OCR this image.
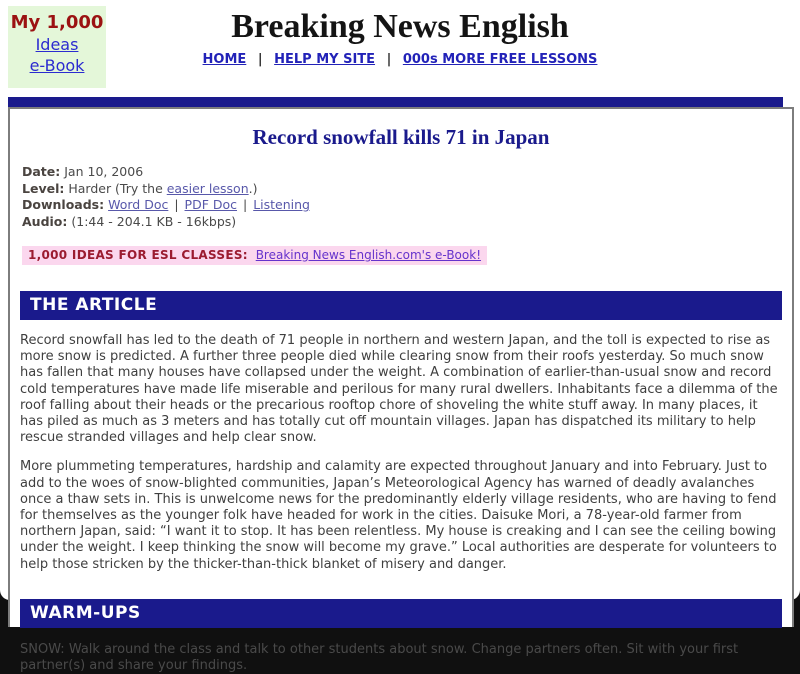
My 1,000
Ideas
e-Book
Breaking News English
HOME | HELP MY SITE | 000s MORE FREE LESSONS
Record snowfall kills 71 in Japan
Date: Jan 10, 2006
Level: Harder (Try the easier lesson.)
Downloads: Word Doc | PDF Doc | Listening
Audio: (1:44 - 204.1 KB - 16kbps)
1,000 IDEAS FOR ESL CLASSES: Breaking News English.com's e-Book!
THE ARTICLE

Record snowfall has led to the death of 71 people in northern and western Japan, and the toll is expected to rise as more snow is predicted. A further three people died while clearing snow from their roofs yesterday. So much snow has fallen that many houses have collapsed under the weight. A combination of earlier-than-usual snow and record cold temperatures have made life miserable and perilous for many rural dwellers. Inhabitants face a dilemma of the roof falling about their heads or the precarious rooftop chore of shoveling the white stuff away. In many places, it has piled as much as 3 meters and has totally cut off mountain villages. Japan has dispatched its military to help rescue stranded villages and help clear snow.

More plummeting temperatures, hardship and calamity are expected throughout January and into February. Just to add to the woes of snow-blighted communities, Japan’s Meteorological Agency has warned of deadly avalanches once a thaw sets in. This is unwelcome news for the predominantly elderly village residents, who are having to fend for themselves as the younger folk have headed for work in the cities. Daisuke Mori, a 78-year-old farmer from northern Japan, said: “I want it to stop. It has been relentless. My house is creaking and I can see the ceiling bowing under the weight. I keep thinking the snow will become my grave.” Local authorities are desperate for volunteers to help those stricken by the thicker-than-thick blanket of misery and danger.

WARM-UPS

SNOW: Walk around the class and talk to other students about snow. Change partners often. Sit with your first partner(s) and share your findings.
